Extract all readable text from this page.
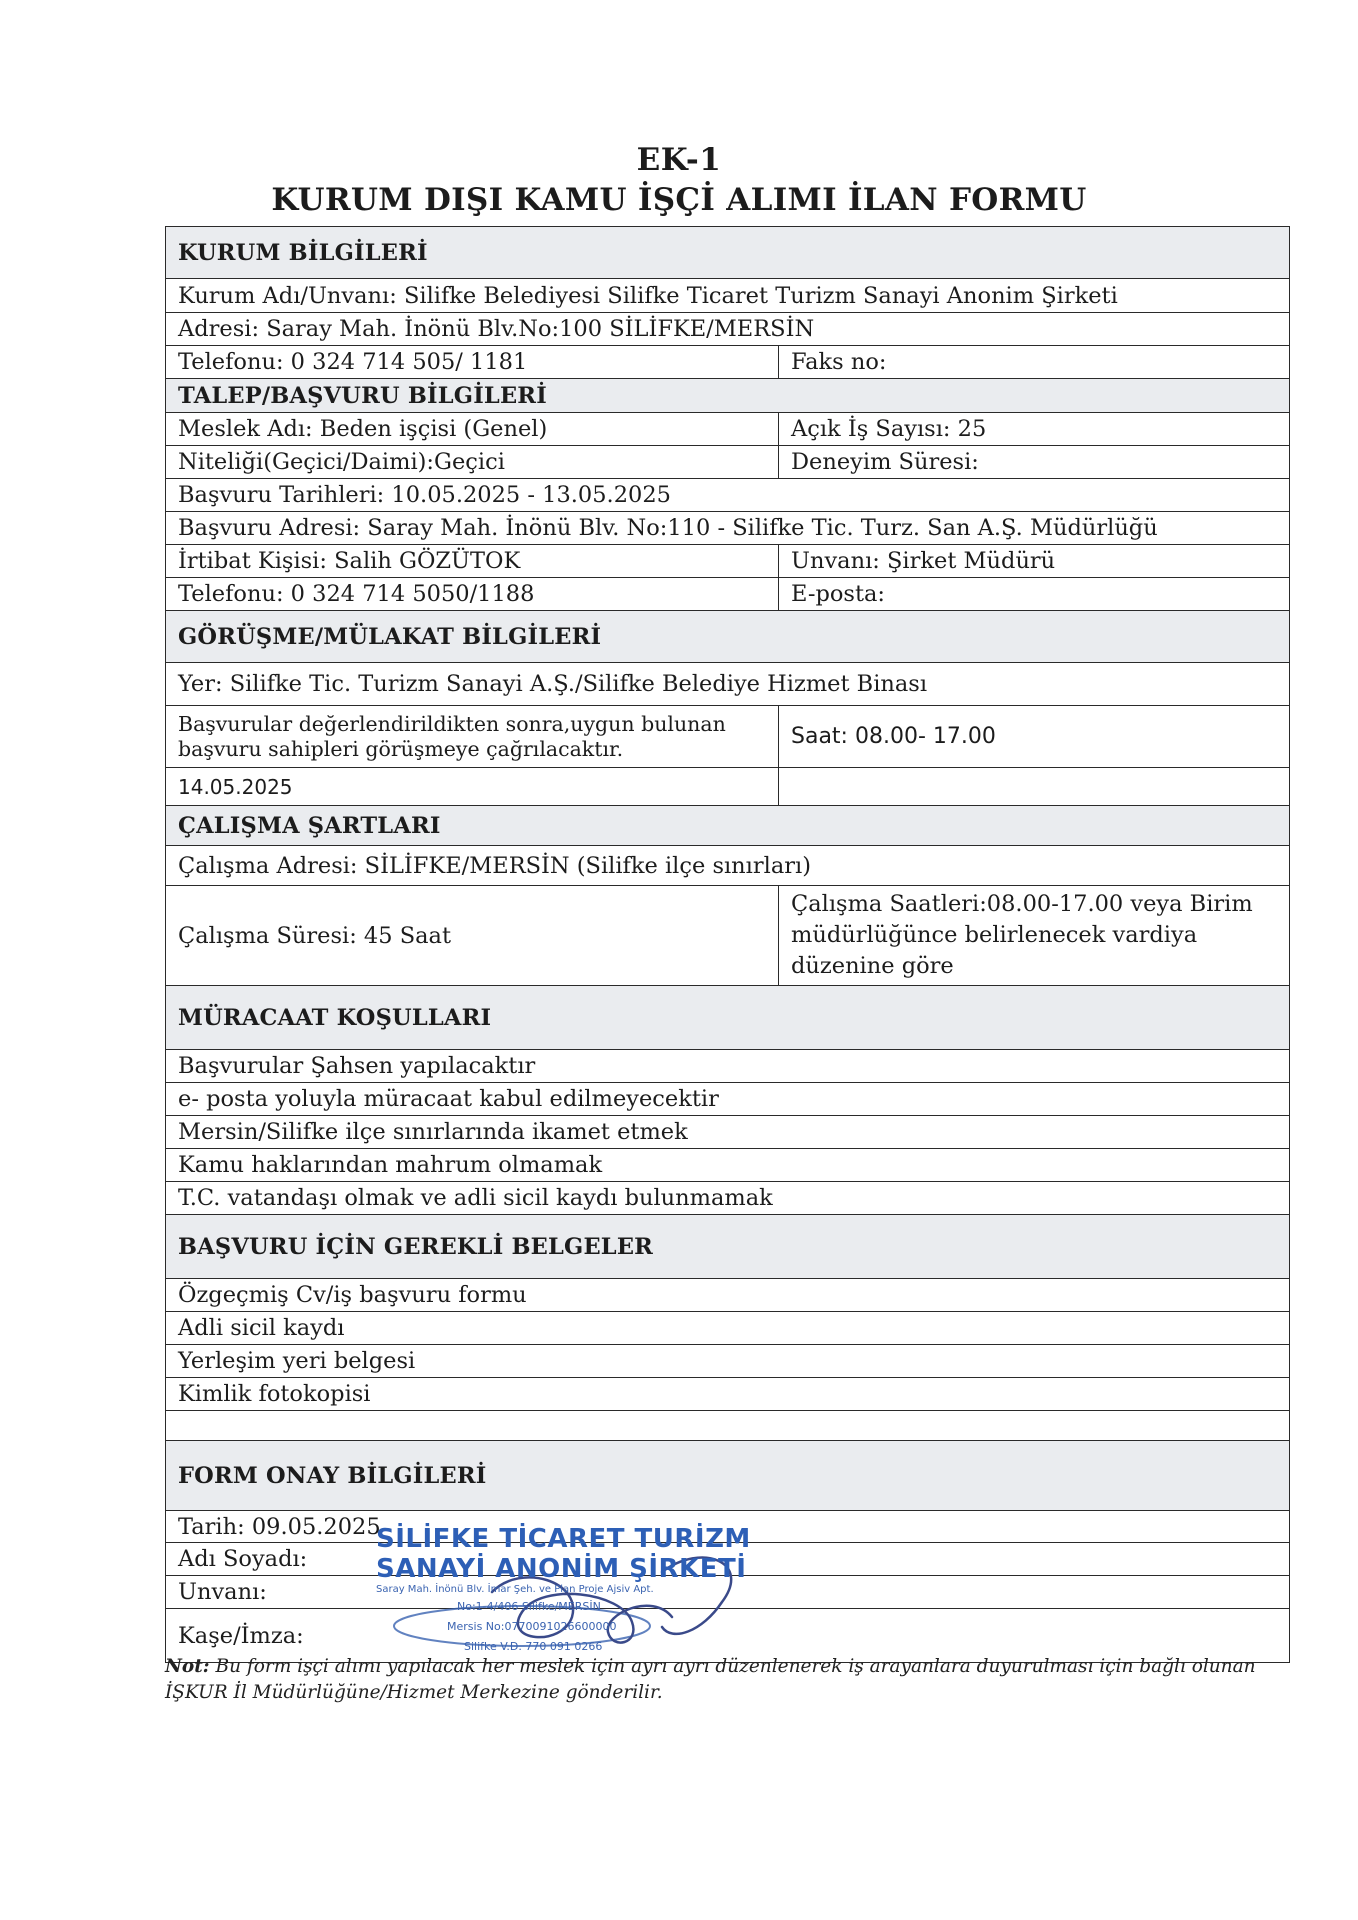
EK-1
KURUM DIŞI KAMU İŞÇİ ALIMI İLAN FORMU
KURUM BİLGİLERİ	
Kurum Adı/Unvanı: Silifke Belediyesi Silifke Ticaret Turizm Sanayi Anonim Şirketi	
Adresi: Saray Mah. İnönü Blv.No:100 SİLİFKE/MERSİN	
Telefonu: 0 324 714 505/ 1181	Faks no:
TALEP/BAŞVURU BİLGİLERİ	
Meslek Adı: Beden işçisi (Genel)	Açık İş Sayısı: 25
Niteliği(Geçici/Daimi):Geçici	Deneyim Süresi:
Başvuru Tarihleri: 10.05.2025 - 13.05.2025	
Başvuru Adresi: Saray Mah. İnönü Blv. No:110 - Silifke Tic. Turz. San A.Ş. Müdürlüğü	
İrtibat Kişisi: Salih GÖZÜTOK	Unvanı: Şirket Müdürü
Telefonu: 0 324 714 5050/1188	E-posta:
GÖRÜŞME/MÜLAKAT BİLGİLERİ	
Yer: Silifke Tic. Turizm Sanayi A.Ş./Silifke Belediye Hizmet Binası	
Başvurular değerlendirildikten sonra,uygun bulunan başvuru sahipleri görüşmeye çağrılacaktır.	Saat: 08.00- 17.00
14.05.2025	
ÇALIŞMA ŞARTLARI	
Çalışma Adresi: SİLİFKE/MERSİN (Silifke ilçe sınırları)	
Çalışma Süresi: 45 Saat	Çalışma Saatleri:08.00-17.00 veya Birim müdürlüğünce belirlenecek vardiya düzenine göre
MÜRACAAT KOŞULLARI	
Başvurular Şahsen yapılacaktır	
e- posta yoluyla müracaat kabul edilmeyecektir	
Mersin/Silifke ilçe sınırlarında ikamet etmek	
Kamu haklarından mahrum olmamak	
T.C. vatandaşı olmak ve adli sicil kaydı bulunmamak	
BAŞVURU İÇİN GEREKLİ BELGELER	
Özgeçmiş Cv/iş başvuru formu	
Adli sicil kaydı	
Yerleşim yeri belgesi	
Kimlik fotokopisi	

FORM ONAY BİLGİLERİ	
Tarih: 09.05.2025	
Adı Soyadı:	
Unvanı:	
Kaşe/İmza:	
SİLİFKE TİCARET TURİZM
SANAYİ ANONİM ŞİRKETİ
Saray Mah. İnönü Blv. İmar Şeh. ve Plan Proje Ajsiv Apt.
No:1-4/406 Silifke/MERSİN
Mersis No:0770091026600000
Silifke V.D. 770 091 0266
Not: Bu form işçi alımı yapılacak her meslek için ayrı ayrı düzenlenerek iş arayanlara duyurulması için bağlı olunan İŞKUR İl Müdürlüğüne/Hizmet Merkezine gönderilir.
